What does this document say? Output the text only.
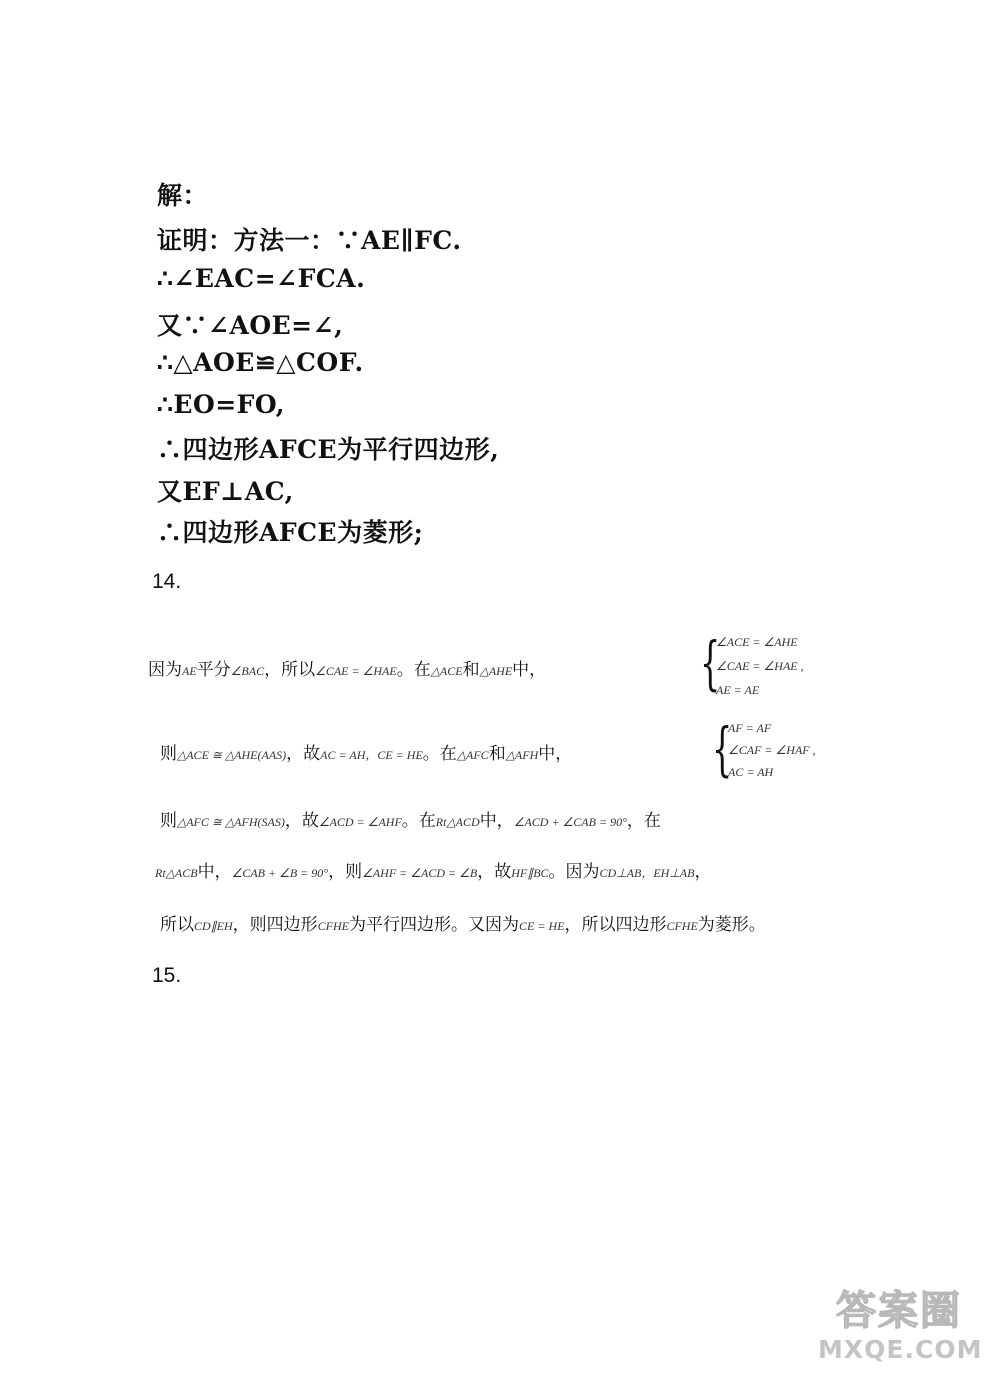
解：
证明：方法一：∵AE∥FC.
∴∠EAC=∠FCA.
又∵∠AOE=∠,
∴△AOE≌△COF.
∴EO=FO,
∴四边形AFCE为平行四边形,
又EF⊥AC,
∴四边形AFCE为菱形;
14.
因为AE平分∠BAC，所以∠CAE = ∠HAE。在△ACE和△AHE中，	{
∠ACE = ∠AHE
∠CAE = ∠HAE ,
AE = AE
则△ACE ≅ △AHE(AAS)，故AC = AH，CE = HE。在△AFC和△AFH中， {
AF = AF
∠CAF = ∠HAF ,
AC = AH
则△AFC ≅ △AFH(SAS)，故∠ACD = ∠AHF。在Rt△ACD中，∠ACD + ∠CAB = 90°，在
Rt△ACB中，∠CAB + ∠B = 90°，则∠AHF = ∠ACD = ∠B，故HF∥BC。因为CD⊥AB，EH⊥AB，
所以CD∥EH，则四边形CFHE为平行四边形。又因为CE = HE，所以四边形CFHE为菱形。
15.
答案圈
MXQE.COM
